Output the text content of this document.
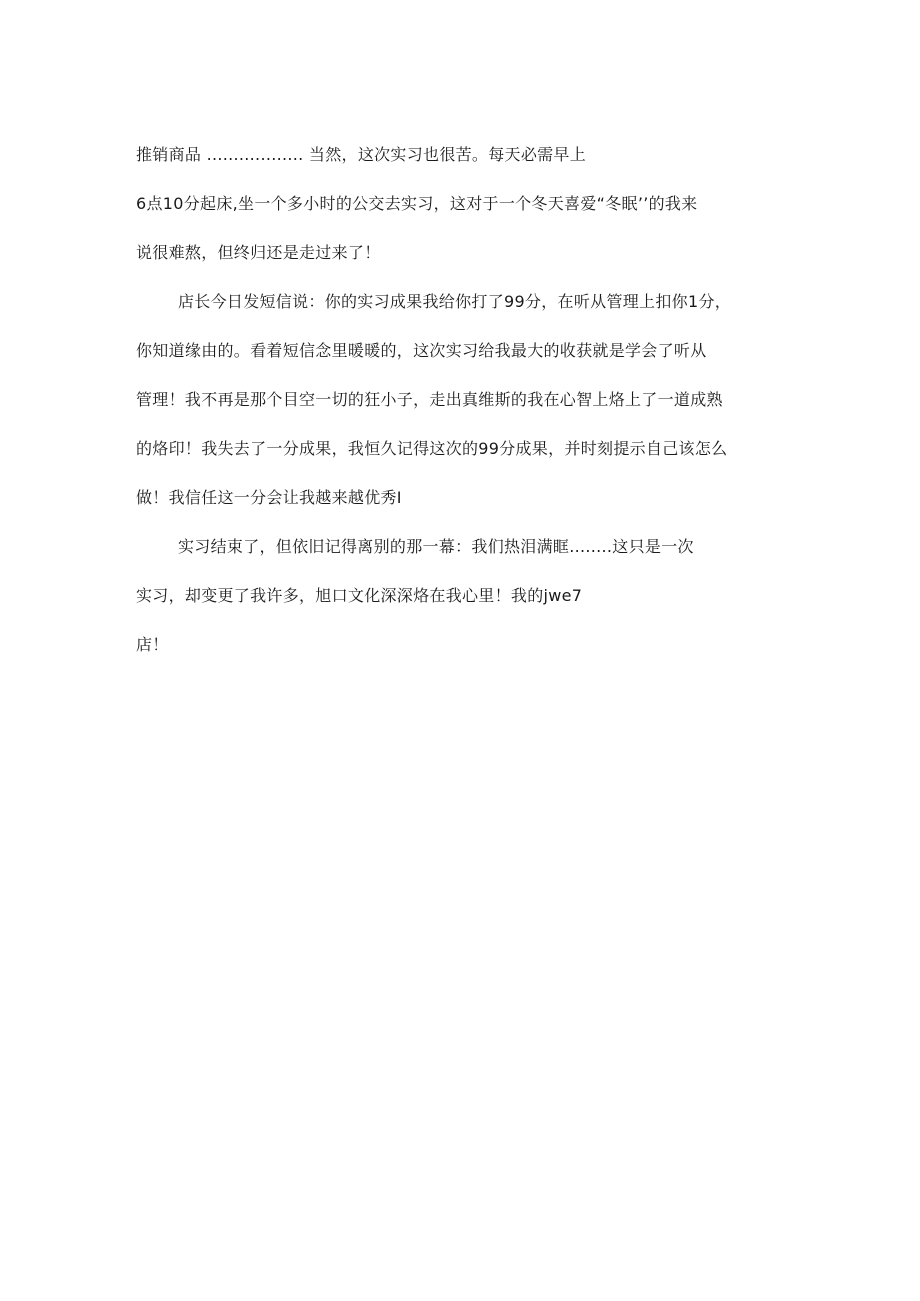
推销商品 .................. 当然，这次实习也很苦。每天必需早上
6点10分起床,坐一个多小时的公交去实习，这对于一个冬天喜爱“冬眠’’的我来
说很难熬，但终归还是走过来了！
店长今日发短信说：你的实习成果我给你打了99分，在听从管理上扣你1分，
你知道缘由的。看着短信念里暖暖的，这次实习给我最大的收获就是学会了听从
管理！我不再是那个目空一切的狂小子，走出真维斯的我在心智上烙上了一道成熟
的烙印！我失去了一分成果，我恒久记得这次的99分成果，并时刻提示自己该怎么
做！我信任这一分会让我越来越优秀I
实习结束了，但依旧记得离别的那一幕：我们热泪满眶........这只是一次
实习，却变更了我许多，旭口文化深深烙在我心里！我的jwe7
店！
